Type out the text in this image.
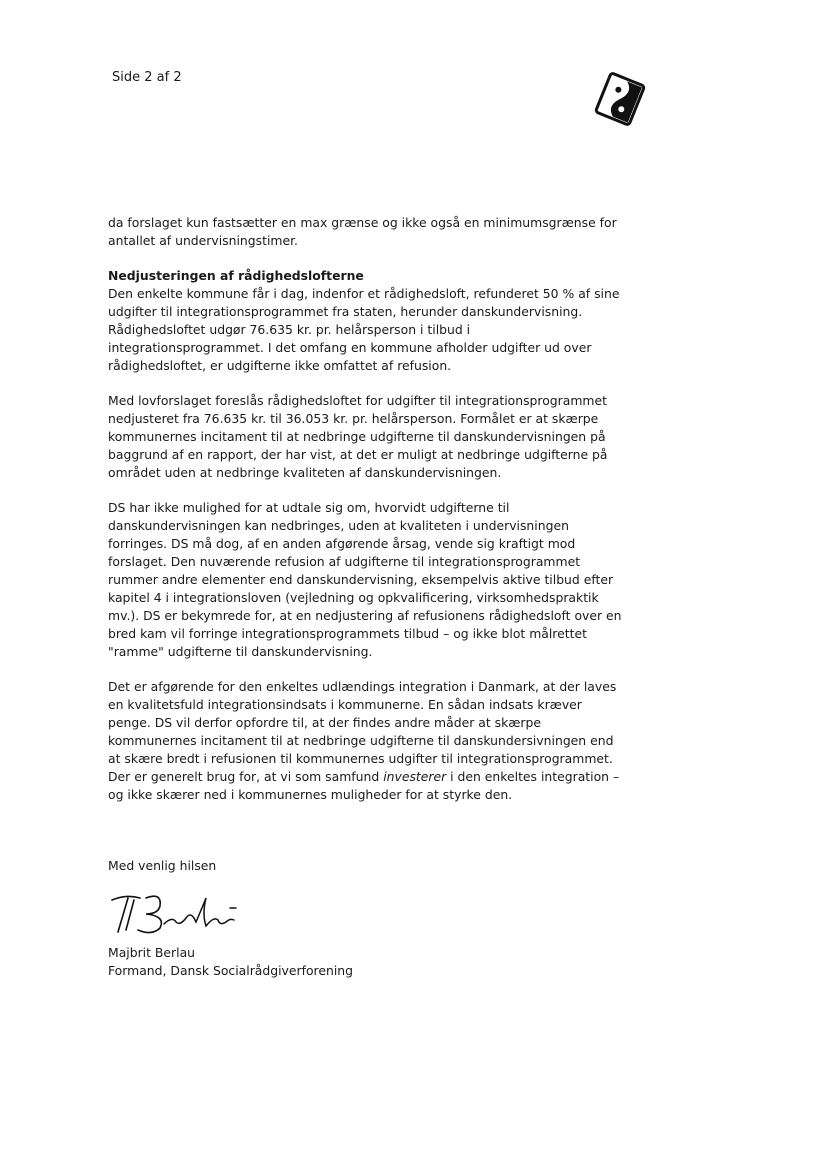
Side 2 af 2

da forslaget kun fastsætter en max grænse og ikke også en minimumsgrænse for antallet af undervisningstimer.

Nedjusteringen af rådighedslofterne
Den enkelte kommune får i dag, indenfor et rådighedsloft, refunderet 50 % af sine udgifter til integrationsprogrammet fra staten, herunder danskundervisning. Rådighedsloftet udgør 76.635 kr. pr. helårsperson i tilbud i integrationsprogrammet. I det omfang en kommune afholder udgifter ud over rådighedsloftet, er udgifterne ikke omfattet af refusion.

Med lovforslaget foreslås rådighedsloftet for udgifter til integrationsprogrammet nedjusteret fra 76.635 kr. til 36.053 kr. pr. helårsperson. Formålet er at skærpe kommunernes incitament til at nedbringe udgifterne til danskundervisningen på baggrund af en rapport, der har vist, at det er muligt at nedbringe udgifterne på området uden at nedbringe kvaliteten af danskundervisningen.

DS har ikke mulighed for at udtale sig om, hvorvidt udgifterne til danskundervisningen kan nedbringes, uden at kvaliteten i undervisningen forringes. DS må dog, af en anden afgørende årsag, vende sig kraftigt mod forslaget. Den nuværende refusion af udgifterne til integrationsprogrammet rummer andre elementer end danskundervisning, eksempelvis aktive tilbud efter kapitel 4 i integrationsloven (vejledning og opkvalificering, virksomhedspraktik mv.). DS er bekymrede for, at en nedjustering af refusionens rådighedsloft over en bred kam vil forringe integrationsprogrammets tilbud – og ikke blot målrettet "ramme" udgifterne til danskundervisning.

Det er afgørende for den enkeltes udlændings integration i Danmark, at der laves en kvalitetsfuld integrationsindsats i kommunerne. En sådan indsats kræver penge. DS vil derfor opfordre til, at der findes andre måder at skærpe kommunernes incitament til at nedbringe udgifterne til danskundersivningen end at skære bredt i refusionen til kommunernes udgifter til integrationsprogrammet. Der er generelt brug for, at vi som samfund investerer i den enkeltes integration – og ikke skærer ned i kommunernes muligheder for at styrke den.

Med venlig hilsen
Majbrit Berlau
Formand, Dansk Socialrådgiverforening
